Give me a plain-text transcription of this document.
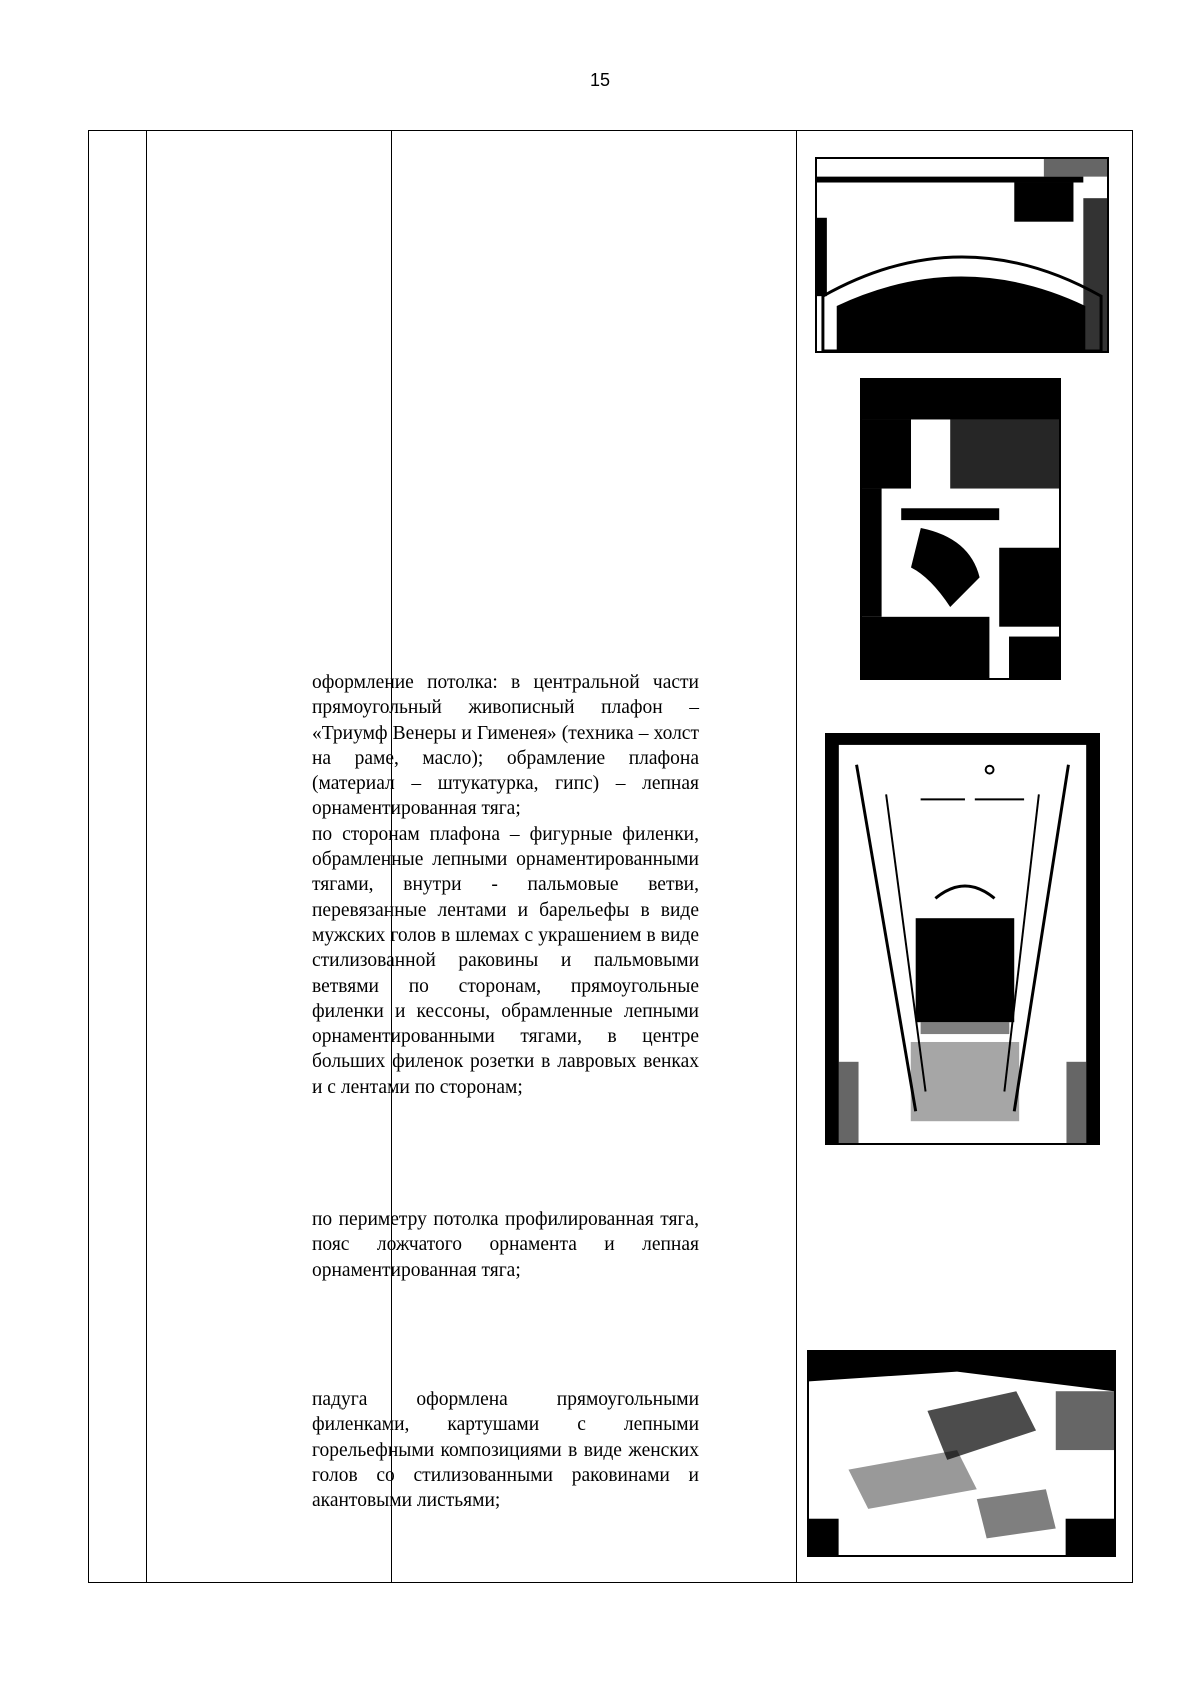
15

оформление потолка: в центральной части прямоугольный живописный плафон – «Триумф Венеры и Гименея» (техника – холст на раме, масло); обрамление плафона (материал – штукатурка, гипс) – лепная орнаментированная тяга;

по сторонам плафона – фигурные филенки, обрамленные лепными орнаментированными тягами, внутри - пальмовые ветви, перевязанные лентами и барельефы в виде мужских голов в шлемах с украшением в виде стилизованной раковины и пальмовыми ветвями по сторонам, прямоугольные филенки и кессоны, обрамленные лепными орнаментированными тягами, в центре больших филенок розетки в лавровых венках и с лентами по сторонам;

по периметру потолка профилированная тяга, пояс ложчатого орнамента и лепная орнаментированная тяга;

падуга оформлена прямоугольными филенками, картушами с лепными горельефными композициями в виде женских голов со стилизованными раковинами и акантовыми листьями;
